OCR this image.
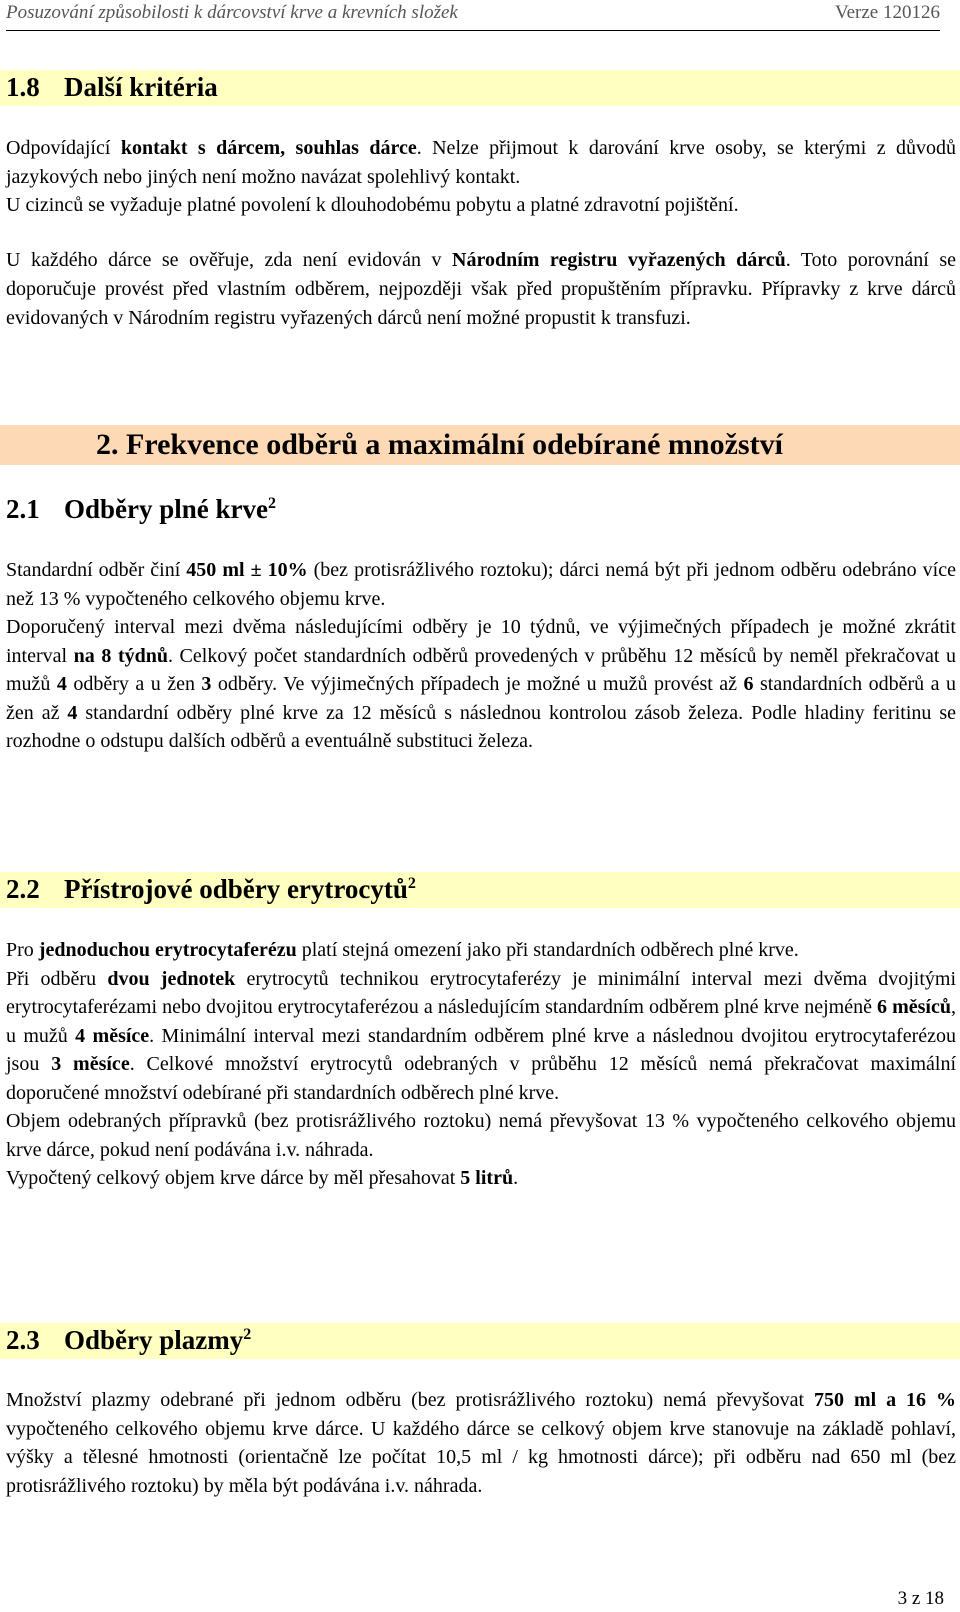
Posuzování způsobilosti k dárcovství krve a krevních složek	Verze 120126
1.8 Další kritéria

Odpovídající kontakt s dárcem, souhlas dárce. Nelze přijmout k darování krve osoby, se kterými z důvodů jazykových nebo jiných není možno navázat spolehlivý kontakt.

U cizinců se vyžaduje platné povolení k dlouhodobému pobytu a platné zdravotní pojištění.

U každého dárce se ověřuje, zda není evidován v Národním registru vyřazených dárců. Toto porovnání se doporučuje provést před vlastním odběrem, nejpozději však před propuštěním přípravku. Přípravky z krve dárců evidovaných v Národním registru vyřazených dárců není možné propustit k transfuzi.

2. Frekvence odběrů a maximální odebírané množství
2.1 Odběry plné krve$^2$

Standardní odběr činí 450 ml ± 10% (bez protisrážlivého roztoku); dárci nemá být při jednom odběru odebráno více než 13 % vypočteného celkového objemu krve.

Doporučený interval mezi dvěma následujícími odběry je 10 týdnů, ve výjimečných případech je možné zkrátit interval na 8 týdnů. Celkový počet standardních odběrů provedených v průběhu 12 měsíců by neměl překračovat u mužů 4 odběry a u žen 3 odběry. Ve výjimečných případech je možné u mužů provést až 6 standardních odběrů a u žen až 4 standardní odběry plné krve za 12 měsíců s následnou kontrolou zásob železa. Podle hladiny feritinu se rozhodne o odstupu dalších odběrů a eventuálně substituci železa.

2.2 Přístrojové odběry erytrocytů$^2$

Pro jednoduchou erytrocytaferézu platí stejná omezení jako při standardních odběrech plné krve.

Při odběru dvou jednotek erytrocytů technikou erytrocytaferézy je minimální interval mezi dvěma dvojitými erytrocytaferézami nebo dvojitou erytrocytaferézou a následujícím standardním odběrem plné krve nejméně 6 měsíců, u mužů 4 měsíce. Minimální interval mezi standardním odběrem plné krve a následnou dvojitou erytrocytaferézou jsou 3 měsíce. Celkové množství erytrocytů odebraných v průběhu 12 měsíců nemá překračovat maximální doporučené množství odebírané při standardních odběrech plné krve.

Objem odebraných přípravků (bez protisrážlivého roztoku) nemá převyšovat 13 % vypočteného celkového objemu krve dárce, pokud není podávána i.v. náhrada.

Vypočtený celkový objem krve dárce by měl přesahovat 5 litrů.

2.3 Odběry plazmy$^2$

Množství plazmy odebrané při jednom odběru (bez protisrážlivého roztoku) nemá převyšovat 750 ml a 16 % vypočteného celkového objemu krve dárce. U každého dárce se celkový objem krve stanovuje na základě pohlaví, výšky a tělesné hmotnosti (orientačně lze počítat 10,5 ml / kg hmotnosti dárce); při odběru nad 650 ml (bez protisrážlivého roztoku) by měla být podávána i.v. náhrada.

3 z 18
